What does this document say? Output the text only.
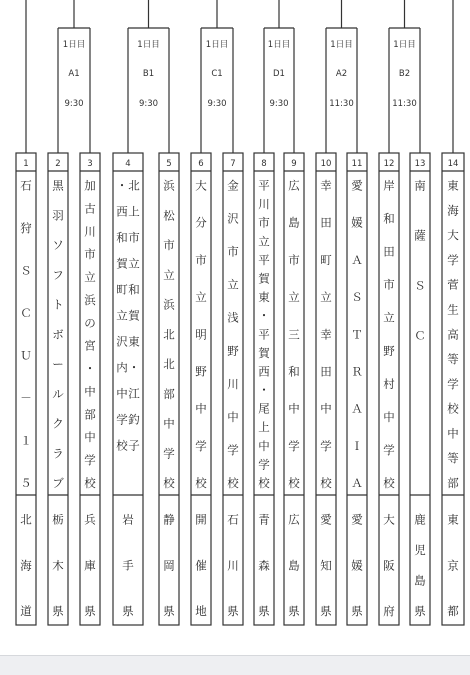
1日目
A1
9:30
1日目
B1
9:30
1日目
C1
9:30
1日目
D1
9:30
1日目
A2
11:30
1日目
B2
11:30
1
石
狩
Ｓ
Ｃ
Ｕ
－
１
５
北
海
道
2
黒
羽
ソ
フ
ト
ボ
ー
ル
ク
ラ
ブ
栃
木
県
3
加
古
川
市
立
浜
の
宮
・
中
部
中
学
校
兵
庫
県
4
北
上
市
立
和
賀
東
・
江
釣
子
・
西
和
賀
町
立
沢
内
中
学
校
岩
手
県
5
浜
松
市
立
浜
北
北
部
中
学
校
静
岡
県
6
大
分
市
立
明
野
中
学
校
開
催
地
7
金
沢
市
立
浅
野
川
中
学
校
石
川
県
8
平
川
市
立
平
賀
東
・
平
賀
西
・
尾
上
中
学
校
青
森
県
9
広
島
市
立
三
和
中
学
校
広
島
県
10
幸
田
町
立
幸
田
中
学
校
愛
知
県
11
愛
媛
Ａ
Ｓ
Ｔ
Ｒ
Ａ
Ｉ
Ａ
愛
媛
県
12
岸
和
田
市
立
野
村
中
学
校
大
阪
府
13
南
薩
Ｓ
Ｃ
鹿
児
島
県
14
東
海
大
学
菅
生
高
等
学
校
中
等
部
東
京
都
